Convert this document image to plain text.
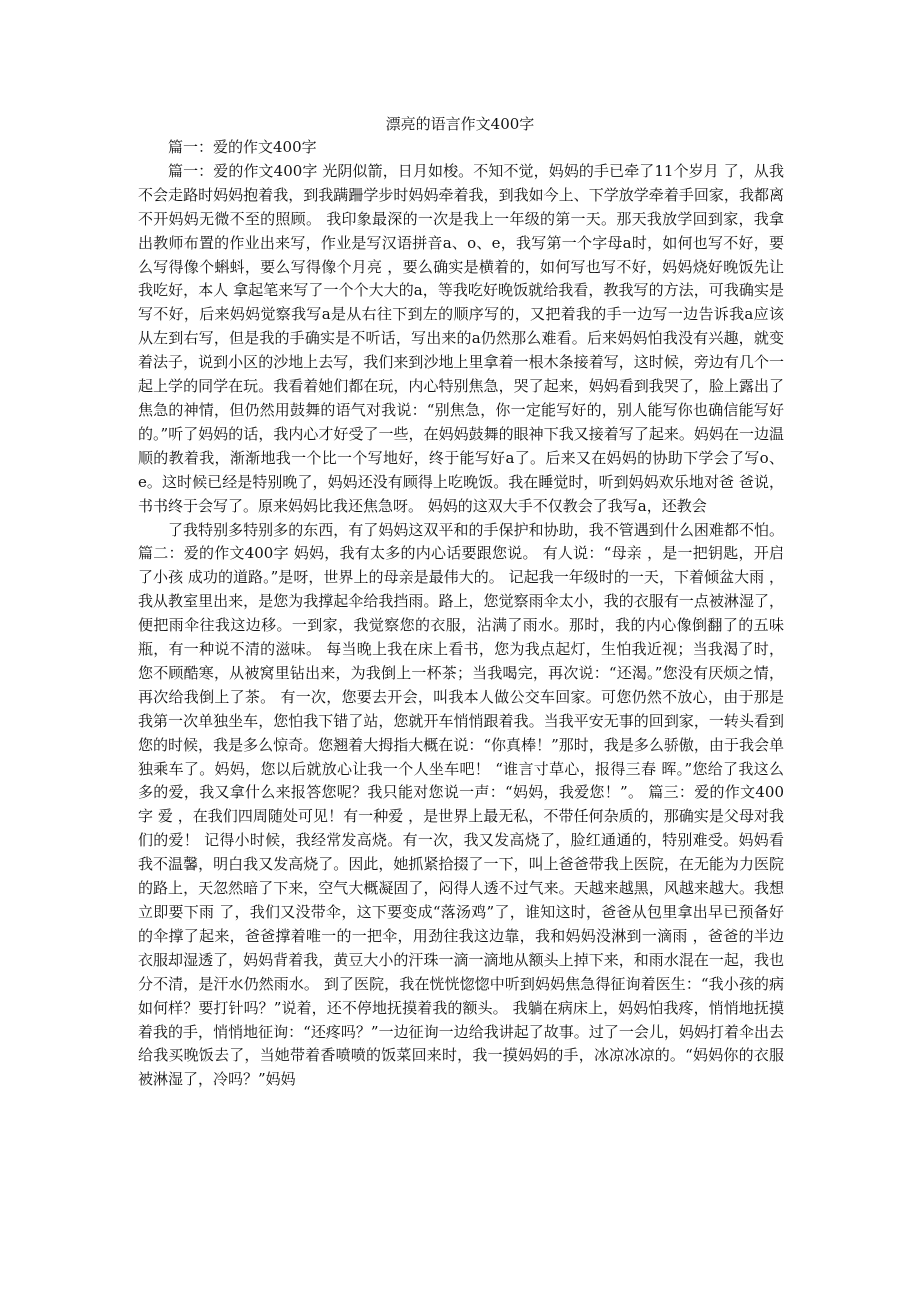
漂亮的语言作文400字

篇一：爱的作文400字

篇一：爱的作文400字 光阴似箭，日月如梭。不知不觉，妈妈的手已牵了11个岁月 了，从我不会走路时妈妈抱着我，到我蹒跚学步时妈妈牵着我，到我如今上、下学放学牵着手回家，我都离不开妈妈无微不至的照顾。 我印象最深的一次是我上一年级的第一天。那天我放学回到家，我拿出教师布置的作业出来写，作业是写汉语拼音a、o、e，我写第一个字母a时，如何也写不好，要么写得像个蝌蚪，要么写得像个月亮 ，要么确实是横着的，如何写也写不好，妈妈烧好晚饭先让我吃好，本人 拿起笔来写了一个个大大的a，等我吃好晚饭就给我看，教我写的方法，可我确实是写不好，后来妈妈觉察我写a是从右往下到左的顺序写的，又把着我的手一边写一边告诉我a应该从左到右写，但是我的手确实是不听话，写出来的a仍然那么难看。后来妈妈怕我没有兴趣，就变着法子，说到小区的沙地上去写，我们来到沙地上里拿着一根木条接着写，这时候，旁边有几个一起上学的同学在玩。我看着她们都在玩，内心特别焦急，哭了起来，妈妈看到我哭了，脸上露出了焦急的神情，但仍然用鼓舞的语气对我说：“别焦急，你一定能写好的，别人能写你也确信能写好的。”听了妈妈的话，我内心才好受了一些，在妈妈鼓舞的眼神下我又接着写了起来。妈妈在一边温顺的教着我，渐渐地我一个比一个写地好，终于能写好a了。后来又在妈妈的协助下学会了写o、e。这时候已经是特别晚了，妈妈还没有顾得上吃晚饭。我在睡觉时，听到妈妈欢乐地对爸 爸说，书书终于会写了。原来妈妈比我还焦急呀。 妈妈的这双大手不仅教会了我写a，还教会

了我特别多特别多的东西，有了妈妈这双平和的手保护和协助，我不管遇到什么困难都不怕。 篇二：爱的作文400字 妈妈，我有太多的内心话要跟您说。 有人说：“母亲 ，是一把钥匙，开启了小孩 成功的道路。”是呀，世界上的母亲是最伟大的。 记起我一年级时的一天，下着倾盆大雨 ，我从教室里出来，是您为我撑起伞给我挡雨。路上，您觉察雨伞太小，我的衣服有一点被淋湿了，便把雨伞往我这边移。一到家，我觉察您的衣服，沾满了雨水。那时，我的内心像倒翻了的五味瓶，有一种说不清的滋味。 每当晚上我在床上看书，您为我点起灯，生怕我近视；当我渴了时，您不顾酷寒，从被窝里钻出来，为我倒上一杯茶；当我喝完，再次说：“还渴。”您没有厌烦之情，再次给我倒上了茶。 有一次，您要去开会，叫我本人做公交车回家。可您仍然不放心，由于那是我第一次单独坐车，您怕我下错了站，您就开车悄悄跟着我。当我平安无事的回到家，一转头看到您的时候，我是多么惊奇。您翘着大拇指大概在说：“你真棒！”那时，我是多么骄傲，由于我会单独乘车了。妈妈，您以后就放心让我一个人坐车吧！ “谁言寸草心，报得三春 晖。”您给了我这么多的爱，我又拿什么来报答您呢？我只能对您说一声：“妈妈，我爱您！”。 篇三：爱的作文400字 爱 ，在我们四周随处可见！有一种爱 ，是世界上最无私，不带任何杂质的，那确实是父母对我们的爱！ 记得小时候，我经常发高烧。有一次，我又发高烧了，脸红通通的，特别难受。妈妈看我不温馨，明白我又发高烧了。因此，她抓紧拾掇了一下，叫上爸爸带我上医院，在无能为力医院的路上，天忽然暗了下来，空气大概凝固了，闷得人透不过气来。天越来越黑，风越来越大。我想立即要下雨 了，我们又没带伞，这下要变成“落汤鸡”了，谁知这时，爸爸从包里拿出早已预备好的伞撑了起来，爸爸撑着唯一的一把伞，用劲往我这边靠，我和妈妈没淋到一滴雨 ，爸爸的半边衣服却湿透了，妈妈背着我，黄豆大小的汗珠一滴一滴地从额头上掉下来，和雨水混在一起，我也分不清，是汗水仍然雨水。 到了医院，我在恍恍惚惚中听到妈妈焦急得征询着医生：“我小孩的病如何样？要打针吗？”说着，还不停地抚摸着我的额头。 我躺在病床上，妈妈怕我疼，悄悄地抚摸着我的手，悄悄地征询：“还疼吗？”一边征询一边给我讲起了故事。过了一会儿，妈妈打着伞出去给我买晚饭去了，当她带着香喷喷的饭菜回来时，我一摸妈妈的手，冰凉冰凉的。“妈妈你的衣服被淋湿了，冷吗？”妈妈
